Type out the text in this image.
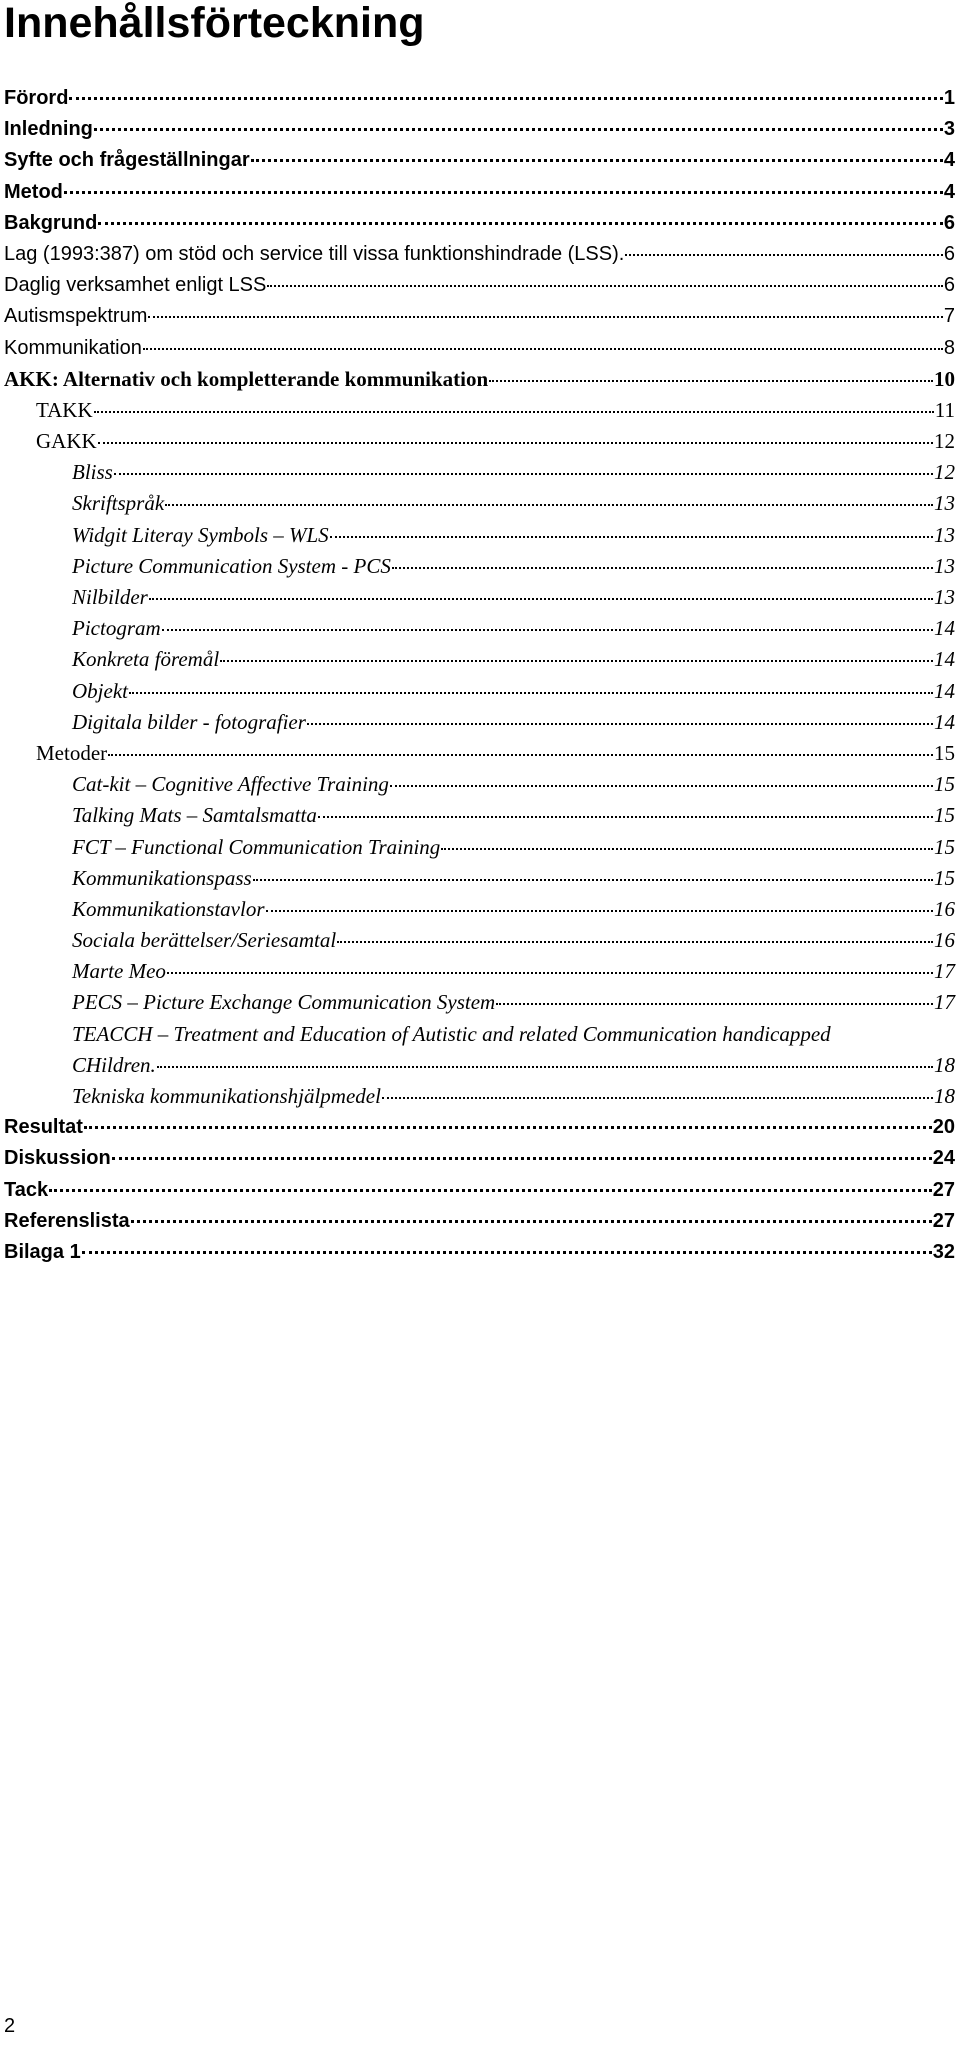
Innehållsförteckning
Förord	1
Inledning	3
Syfte och frågeställningar	4
Metod	4
Bakgrund	6
Lag (1993:387) om stöd och service till vissa funktionshindrade (LSS).	6
Daglig verksamhet enligt LSS	6
Autismspektrum	7
Kommunikation	8
AKK: Alternativ och kompletterande kommunikation	10
TAKK	11
GAKK	12
Bliss	12
Skriftspråk	13
Widgit Literay Symbols – WLS	13
Picture Communication System - PCS	13
Nilbilder	13
Pictogram	14
Konkreta föremål	14
Objekt	14
Digitala bilder - fotografier	14
Metoder	15
Cat-kit – Cognitive Affective Training	15
Talking Mats – Samtalsmatta	15
FCT – Functional Communication Training	15
Kommunikationspass	15
Kommunikationstavlor	16
Sociala berättelser/Seriesamtal	16
Marte Meo	17
PECS – Picture Exchange Communication System	17
TEACCH – Treatment and Education of Autistic and related Communication handicapped
CHildren.	18
Tekniska kommunikationshjälpmedel	18
Resultat	20
Diskussion	24
Tack	27
Referenslista	27
Bilaga 1	32
2
